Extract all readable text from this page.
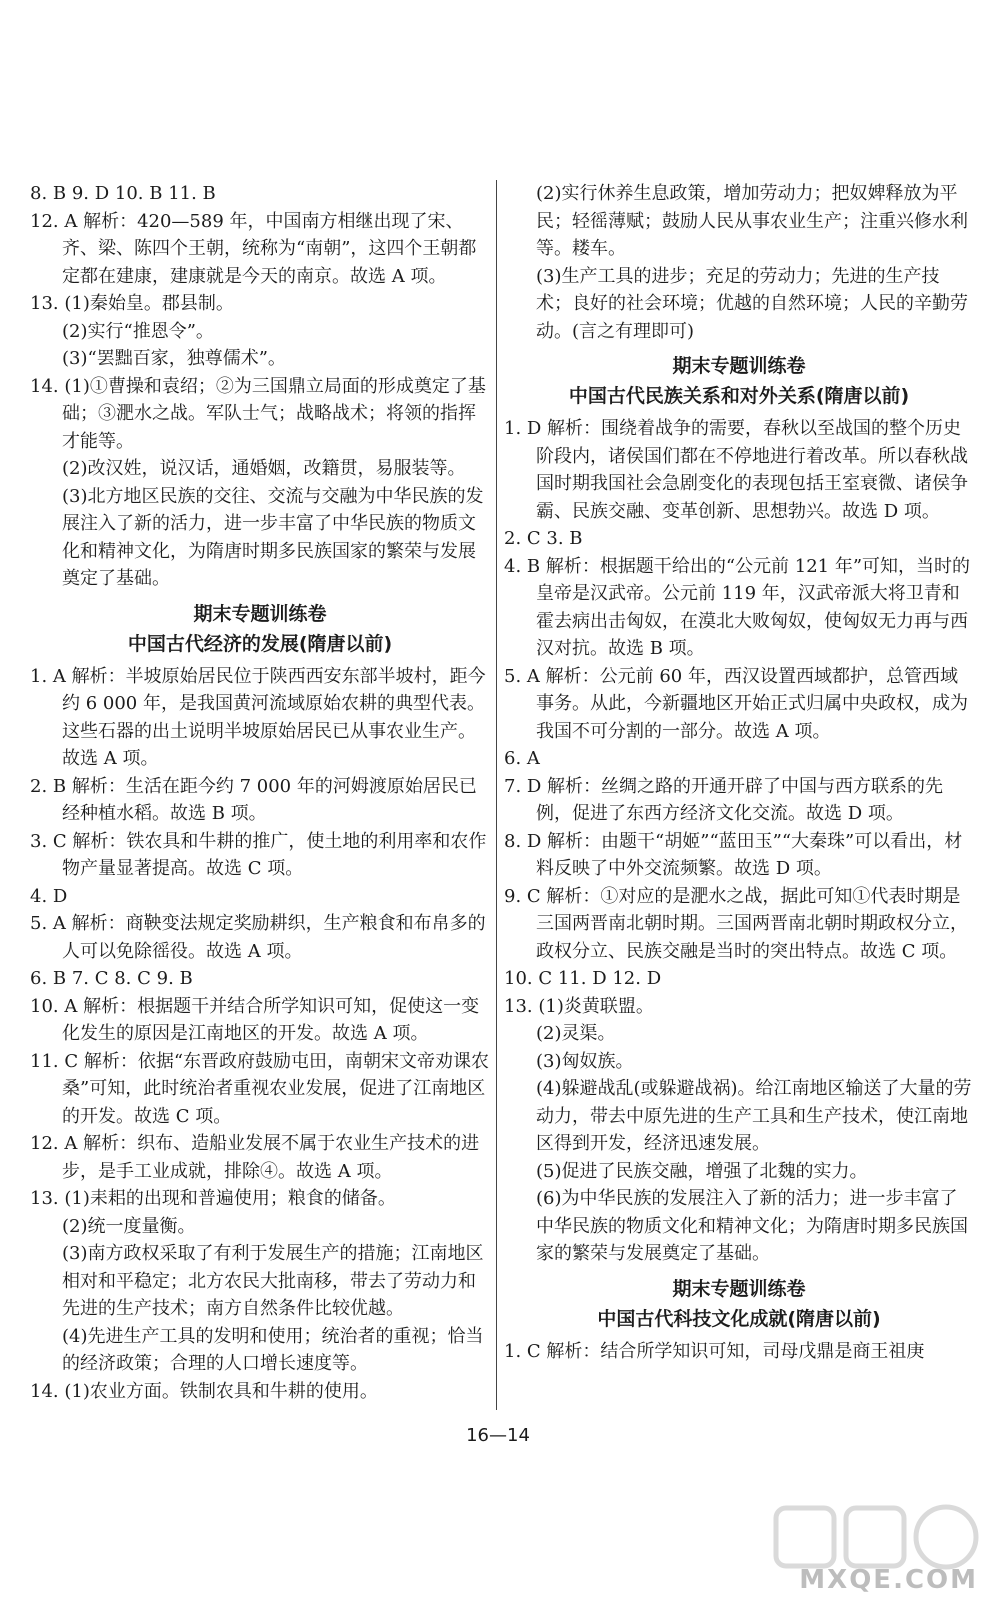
8. B 9. D 10. B 11. B

12. A 解析：420—589 年，中国南方相继出现了宋、齐、梁、陈四个王朝，统称为“南朝”，这四个王朝都定都在建康，建康就是今天的南京。故选 A 项。

13. (1)秦始皇。郡县制。

(2)实行“推恩令”。

(3)“罢黜百家，独尊儒术”。

14. (1)①曹操和袁绍；②为三国鼎立局面的形成奠定了基础；③淝水之战。军队士气；战略战术；将领的指挥才能等。

(2)改汉姓，说汉话，通婚姻，改籍贯，易服装等。

(3)北方地区民族的交往、交流与交融为中华民族的发展注入了新的活力，进一步丰富了中华民族的物质文化和精神文化，为隋唐时期多民族国家的繁荣与发展奠定了基础。

期末专题训练卷
中国古代经济的发展(隋唐以前)

1. A 解析：半坡原始居民位于陕西西安东部半坡村，距今约 6 000 年，是我国黄河流域原始农耕的典型代表。这些石器的出土说明半坡原始居民已从事农业生产。故选 A 项。

2. B 解析：生活在距今约 7 000 年的河姆渡原始居民已经种植水稻。故选 B 项。

3. C 解析：铁农具和牛耕的推广，使土地的利用率和农作物产量显著提高。故选 C 项。

4. D

5. A 解析：商鞅变法规定奖励耕织，生产粮食和布帛多的人可以免除徭役。故选 A 项。

6. B 7. C 8. C 9. B

10. A 解析：根据题干并结合所学知识可知，促使这一变化发生的原因是江南地区的开发。故选 A 项。

11. C 解析：依据“东晋政府鼓励屯田，南朝宋文帝劝课农桑”可知，此时统治者重视农业发展，促进了江南地区的开发。故选 C 项。

12. A 解析：织布、造船业发展不属于农业生产技术的进步，是手工业成就，排除④。故选 A 项。

13. (1)耒耜的出现和普遍使用；粮食的储备。

(2)统一度量衡。

(3)南方政权采取了有利于发展生产的措施；江南地区相对和平稳定；北方农民大批南移，带去了劳动力和先进的生产技术；南方自然条件比较优越。

(4)先进生产工具的发明和使用；统治者的重视；恰当的经济政策；合理的人口增长速度等。

14. (1)农业方面。铁制农具和牛耕的使用。

(2)实行休养生息政策，增加劳动力；把奴婢释放为平民；轻徭薄赋；鼓励人民从事农业生产；注重兴修水利等。耧车。

(3)生产工具的进步；充足的劳动力；先进的生产技术；良好的社会环境；优越的自然环境；人民的辛勤劳动。(言之有理即可)

期末专题训练卷
中国古代民族关系和对外关系(隋唐以前)

1. D 解析：围绕着战争的需要，春秋以至战国的整个历史阶段内，诸侯国们都在不停地进行着改革。所以春秋战国时期我国社会急剧变化的表现包括王室衰微、诸侯争霸、民族交融、变革创新、思想勃兴。故选 D 项。

2. C 3. B

4. B 解析：根据题干给出的“公元前 121 年”可知，当时的皇帝是汉武帝。公元前 119 年，汉武帝派大将卫青和霍去病出击匈奴，在漠北大败匈奴，使匈奴无力再与西汉对抗。故选 B 项。

5. A 解析：公元前 60 年，西汉设置西域都护，总管西域事务。从此，今新疆地区开始正式归属中央政权，成为我国不可分割的一部分。故选 A 项。

6. A

7. D 解析：丝绸之路的开通开辟了中国与西方联系的先例，促进了东西方经济文化交流。故选 D 项。

8. D 解析：由题干“胡姬”“蓝田玉”“大秦珠”可以看出，材料反映了中外交流频繁。故选 D 项。

9. C 解析：①对应的是淝水之战，据此可知①代表时期是三国两晋南北朝时期。三国两晋南北朝时期政权分立，政权分立、民族交融是当时的突出特点。故选 C 项。

10. C 11. D 12. D

13. (1)炎黄联盟。

(2)灵渠。

(3)匈奴族。

(4)躲避战乱(或躲避战祸)。给江南地区输送了大量的劳动力，带去中原先进的生产工具和生产技术，使江南地区得到开发，经济迅速发展。

(5)促进了民族交融，增强了北魏的实力。

(6)为中华民族的发展注入了新的活力；进一步丰富了中华民族的物质文化和精神文化；为隋唐时期多民族国家的繁荣与发展奠定了基础。

期末专题训练卷
中国古代科技文化成就(隋唐以前)

1. C 解析：结合所学知识可知，司母戊鼎是商王祖庚

16—14
MXQE.COM
